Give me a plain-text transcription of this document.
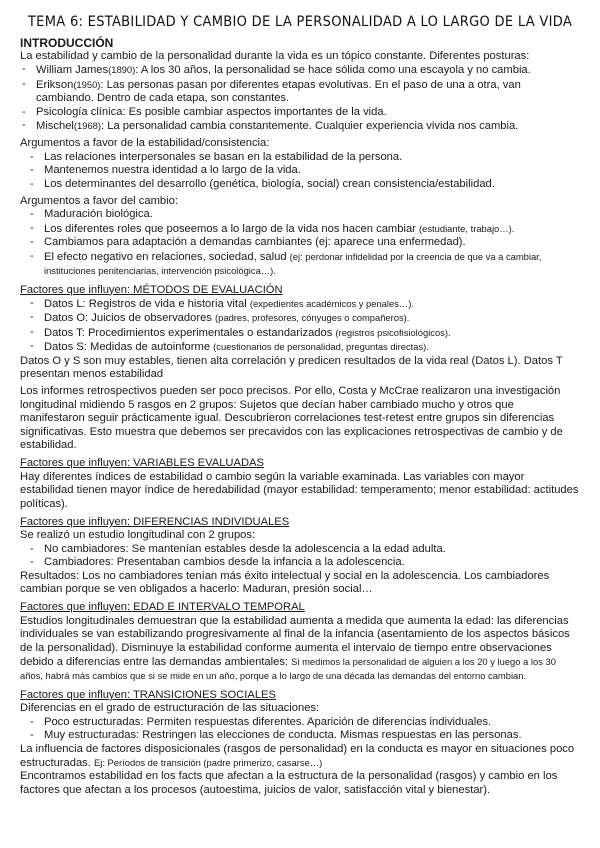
TEMA 6: ESTABILIDAD Y CAMBIO DE LA PERSONALIDAD A LO LARGO DE LA VIDA
INTRODUCCIÓN

La estabilidad y cambio de la personalidad durante la vida es un tópico constante. Diferentes posturas:

- William James(1890): A los 30 años, la personalidad se hace sólida como una escayola y no cambia.
- Erikson(1950): Las personas pasan por diferentes etapas evolutivas. En el paso de una a otra, van cambiando. Dentro de cada etapa, son constantes.
- Psicología clínica: Es posible cambiar aspectos importantes de la vida.
- Mischel(1968): La personalidad cambia constantemente. Cualquier experiencia vivida nos cambia.

Argumentos a favor de la estabilidad/consistencia:

- Las relaciones interpersonales se basan en la estabilidad de la persona.
- Mantenemos nuestra identidad a lo largo de la vida.
- Los determinantes del desarrollo (genética, biología, social) crean consistencia/estabilidad.

Argumentos a favor del cambio:

- Maduración biológica.
- Los diferentes roles que poseemos a lo largo de la vida nos hacen cambiar (estudiante, trabajo…).
- Cambiamos para adaptación a demandas cambiantes (ej: aparece una enfermedad).
- El efecto negativo en relaciones, sociedad, salud (ej: perdonar infidelidad por la creencia de que va a cambiar, instituciones penitenciarias, intervención psicológica…).

Factores que influyen: MÉTODOS DE EVALUACIÓN

- Datos L: Registros de vida e historia vital (expedientes académicos y penales…).
- Datos O: Juicios de observadores (padres, profesores, cónyuges o compañeros).
- Datos T: Procedimientos experimentales o estandarizados (registros psicofisiológicos).
- Datos S: Medidas de autoinforme (cuestionarios de personalidad, preguntas directas).

Datos O y S son muy estables, tienen alta correlación y predicen resultados de la vida real (Datos L). Datos T presentan menos estabilidad

Los informes retrospectivos pueden ser poco precisos. Por ello, Costa y McCrae realizaron una investigación longitudinal midiendo 5 rasgos en 2 grupos: Sujetos que decían haber cambiado mucho y otros que manifestaron seguir prácticamente igual. Descubrieron correlaciones test-retest entre grupos sin diferencias significativas. Esto muestra que debemos ser precavidos con las explicaciones retrospectivas de cambio y de estabilidad.

Factores que influyen: VARIABLES EVALUADAS

Hay diferentes índices de estabilidad o cambio según la variable examinada. Las variables con mayor estabilidad tienen mayor índice de heredabilidad (mayor estabilidad: temperamento; menor estabilidad: actitudes políticas).

Factores que influyen: DIFERENCIAS INDIVIDUALES

Se realizó un estudio longitudinal con 2 grupos:

- No cambiadores: Se mantenían estables desde la adolescencia a la edad adulta.
- Cambiadores: Presentaban cambios desde la infancia a la adolescencia.

Resultados: Los no cambiadores tenían más éxito intelectual y social en la adolescencia. Los cambiadores cambian porque se ven obligados a hacerlo: Maduran, presión social…

Factores que influyen: EDAD E INTERVALO TEMPORAL

Estudios longitudinales demuestran que la estabilidad aumenta a medida que aumenta la edad: las diferencias individuales se van estabilizando progresivamente al final de la infancia (asentamiento de los aspectos básicos de la personalidad). Disminuye la estabilidad conforme aumenta el intervalo de tiempo entre observaciones debido a diferencias entre las demandas ambientales: Si medimos la personalidad de alguien a los 20 y luego a los 30 años, habrá más cambios que si se mide en un año, porque a lo largo de una década las demandas del entorno cambian.

Factores que influyen: TRANSICIONES SOCIALES

Diferencias en el grado de estructuración de las situaciones:

- Poco estructuradas: Permiten respuestas diferentes. Aparición de diferencias individuales.
- Muy estructuradas: Restringen las elecciones de conducta. Mismas respuestas en las personas.

La influencia de factores disposicionales (rasgos de personalidad) en la conducta es mayor en situaciones poco estructuradas. Ej: Períodos de transición (padre primerizo, casarse…)

Encontramos estabilidad en los facts que afectan a la estructura de la personalidad (rasgos) y cambio en los factores que afectan a los procesos (autoestima, juicios de valor, satisfacción vital y bienestar).
